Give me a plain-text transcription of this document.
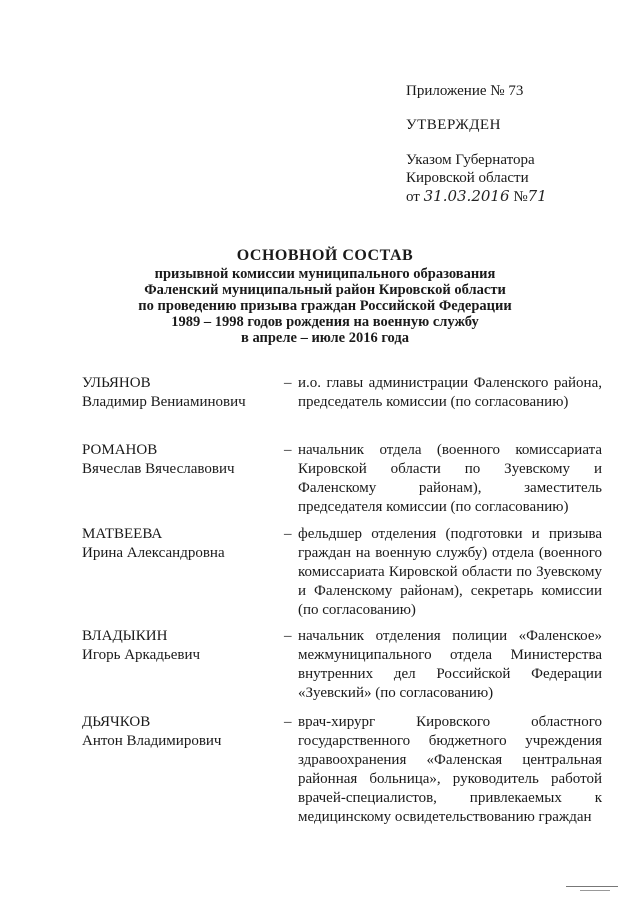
Приложение № 73
УТВЕРЖДЕН
Указом Губернатора
Кировской области
от 31.03.2016 №71
ОСНОВНОЙ СОСТАВ
призывной комиссии муниципального образования
Фаленский муниципальный район Кировской области
по проведению призыва граждан Российской Федерации
1989 – 1998 годов рождения на военную службу
в апреле – июле 2016 года
УЛЬЯНОВ
Владимир Вениаминович
– и.о. главы администрации Фаленского района, председатель комиссии (по согласованию)
РОМАНОВ
Вячеслав Вячеславович
– начальник отдела (военного комиссариата Кировской области по Зуевскому и Фаленскому районам), заместитель председателя комиссии (по согласованию)
МАТВЕЕВА
Ирина Александровна
– фельдшер отделения (подготовки и призыва граждан на военную службу) отдела (военного комиссариата Кировской области по Зуевскому и Фаленскому районам), секретарь комиссии (по согласованию)
ВЛАДЫКИН
Игорь Аркадьевич
– начальник отделения полиции «Фаленское» межмуниципального отдела Министерства внутренних дел Российской Федерации «Зуевский» (по согласованию)
ДЬЯЧКОВ
Антон Владимирович
– врач-хирург Кировского областного государственного бюджетного учреждения здравоохранения «Фаленская центральная районная больница», руководитель работой врачей-специалистов, привлекаемых к медицинскому освидетельствованию граждан
